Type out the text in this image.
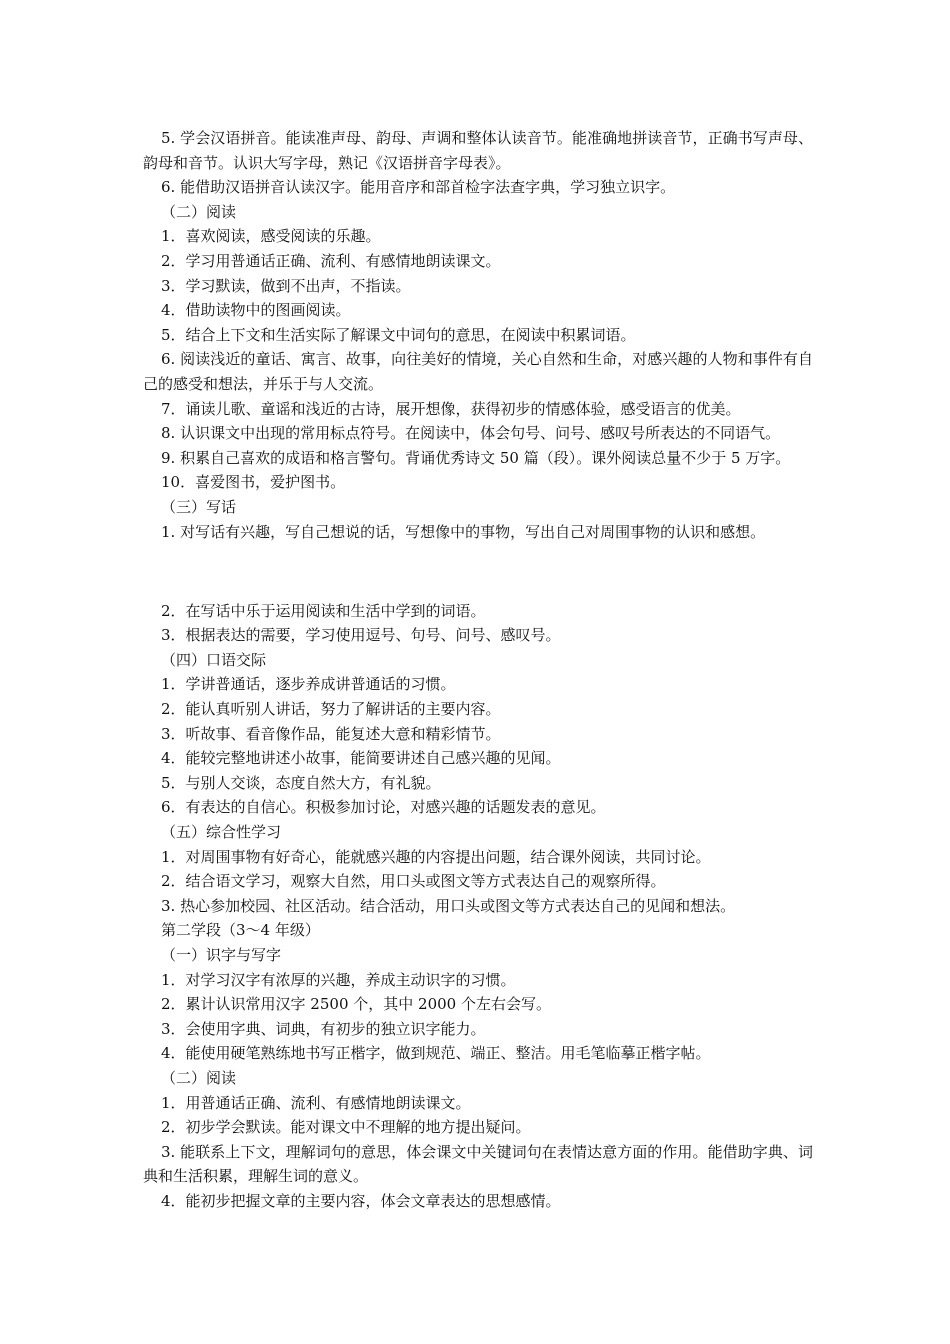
5. 学会汉语拼音。能读准声母、韵母、声调和整体认读音节。能准确地拼读音节，正确书写声母、韵母和音节。认识大写字母，熟记《汉语拼音字母表》。

6. 能借助汉语拼音认读汉字。能用音序和部首检字法查字典，学习独立识字。

（二）阅读

1．喜欢阅读，感受阅读的乐趣。

2．学习用普通话正确、流利、有感情地朗读课文。

3．学习默读，做到不出声，不指读。

4．借助读物中的图画阅读。

5．结合上下文和生活实际了解课文中词句的意思，在阅读中积累词语。

6. 阅读浅近的童话、寓言、故事，向往美好的情境，关心自然和生命，对感兴趣的人物和事件有自己的感受和想法，并乐于与人交流。

7．诵读儿歌、童谣和浅近的古诗，展开想像，获得初步的情感体验，感受语言的优美。

8. 认识课文中出现的常用标点符号。在阅读中，体会句号、问号、感叹号所表达的不同语气。

9. 积累自己喜欢的成语和格言警句。背诵优秀诗文 50 篇（段）。课外阅读总量不少于 5 万字。

10．喜爱图书，爱护图书。

（三）写话

1. 对写话有兴趣，写自己想说的话，写想像中的事物，写出自己对周围事物的认识和感想。

2．在写话中乐于运用阅读和生活中学到的词语。

3．根据表达的需要，学习使用逗号、句号、问号、感叹号。

（四）口语交际

1．学讲普通话，逐步养成讲普通话的习惯。

2．能认真听别人讲话，努力了解讲话的主要内容。

3．听故事、看音像作品，能复述大意和精彩情节。

4．能较完整地讲述小故事，能简要讲述自己感兴趣的见闻。

5．与别人交谈，态度自然大方，有礼貌。

6．有表达的自信心。积极参加讨论，对感兴趣的话题发表的意见。

（五）综合性学习

1．对周围事物有好奇心，能就感兴趣的内容提出问题，结合课外阅读，共同讨论。

2．结合语文学习，观察大自然，用口头或图文等方式表达自己的观察所得。

3. 热心参加校园、社区活动。结合活动，用口头或图文等方式表达自己的见闻和想法。

第二学段（3～4 年级）

（一）识字与写字

1．对学习汉字有浓厚的兴趣，养成主动识字的习惯。

2．累计认识常用汉字 2500 个，其中 2000 个左右会写。

3．会使用字典、词典，有初步的独立识字能力。

4．能使用硬笔熟练地书写正楷字，做到规范、端正、整洁。用毛笔临摹正楷字帖。

（二）阅读

1．用普通话正确、流利、有感情地朗读课文。

2．初步学会默读。能对课文中不理解的地方提出疑问。

3. 能联系上下文，理解词句的意思，体会课文中关键词句在表情达意方面的作用。能借助字典、词典和生活积累，理解生词的意义。

4．能初步把握文章的主要内容，体会文章表达的思想感情。
